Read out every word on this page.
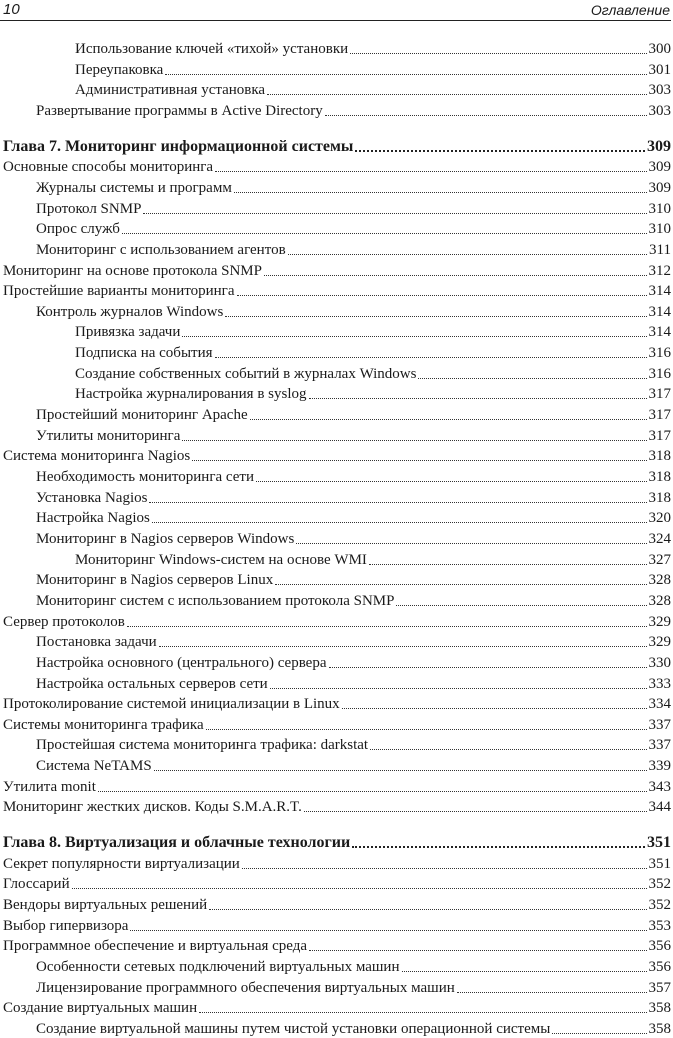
10	Оглавление
Использование ключей «тихой» установки	300
Переупаковка	301
Административная установка	303
Развертывание программы в Active Directory	303
Глава 7. Мониторинг информационной системы	309
Основные способы мониторинга	309
Журналы системы и программ	309
Протокол SNMP	310
Опрос служб	310
Мониторинг с использованием агентов	311
Мониторинг на основе протокола SNMP	312
Простейшие варианты мониторинга	314
Контроль журналов Windows	314
Привязка задачи	314
Подписка на события	316
Создание собственных событий в журналах Windows	316
Настройка журналирования в syslog	317
Простейший мониторинг Apache	317
Утилиты мониторинга	317
Система мониторинга Nagios	318
Необходимость мониторинга сети	318
Установка Nagios	318
Настройка Nagios	320
Мониторинг в Nagios серверов Windows	324
Мониторинг Windows-систем на основе WMI	327
Мониторинг в Nagios серверов Linux	328
Мониторинг систем с использованием протокола SNMP	328
Сервер протоколов	329
Постановка задачи	329
Настройка основного (центрального) сервера	330
Настройка остальных серверов сети	333
Протоколирование системой инициализации в Linux	334
Системы мониторинга трафика	337
Простейшая система мониторинга трафика: darkstat	337
Система NeTAMS	339
Утилита monit	343
Мониторинг жестких дисков. Коды S.M.A.R.T.	344
Глава 8. Виртуализация и облачные технологии	351
Секрет популярности виртуализации	351
Глоссарий	352
Вендоры виртуальных решений	352
Выбор гипервизора	353
Программное обеспечение и виртуальная среда	356
Особенности сетевых подключений виртуальных машин	356
Лицензирование программного обеспечения виртуальных машин	357
Создание виртуальных машин	358
Создание виртуальной машины путем чистой установки операционной системы	358
